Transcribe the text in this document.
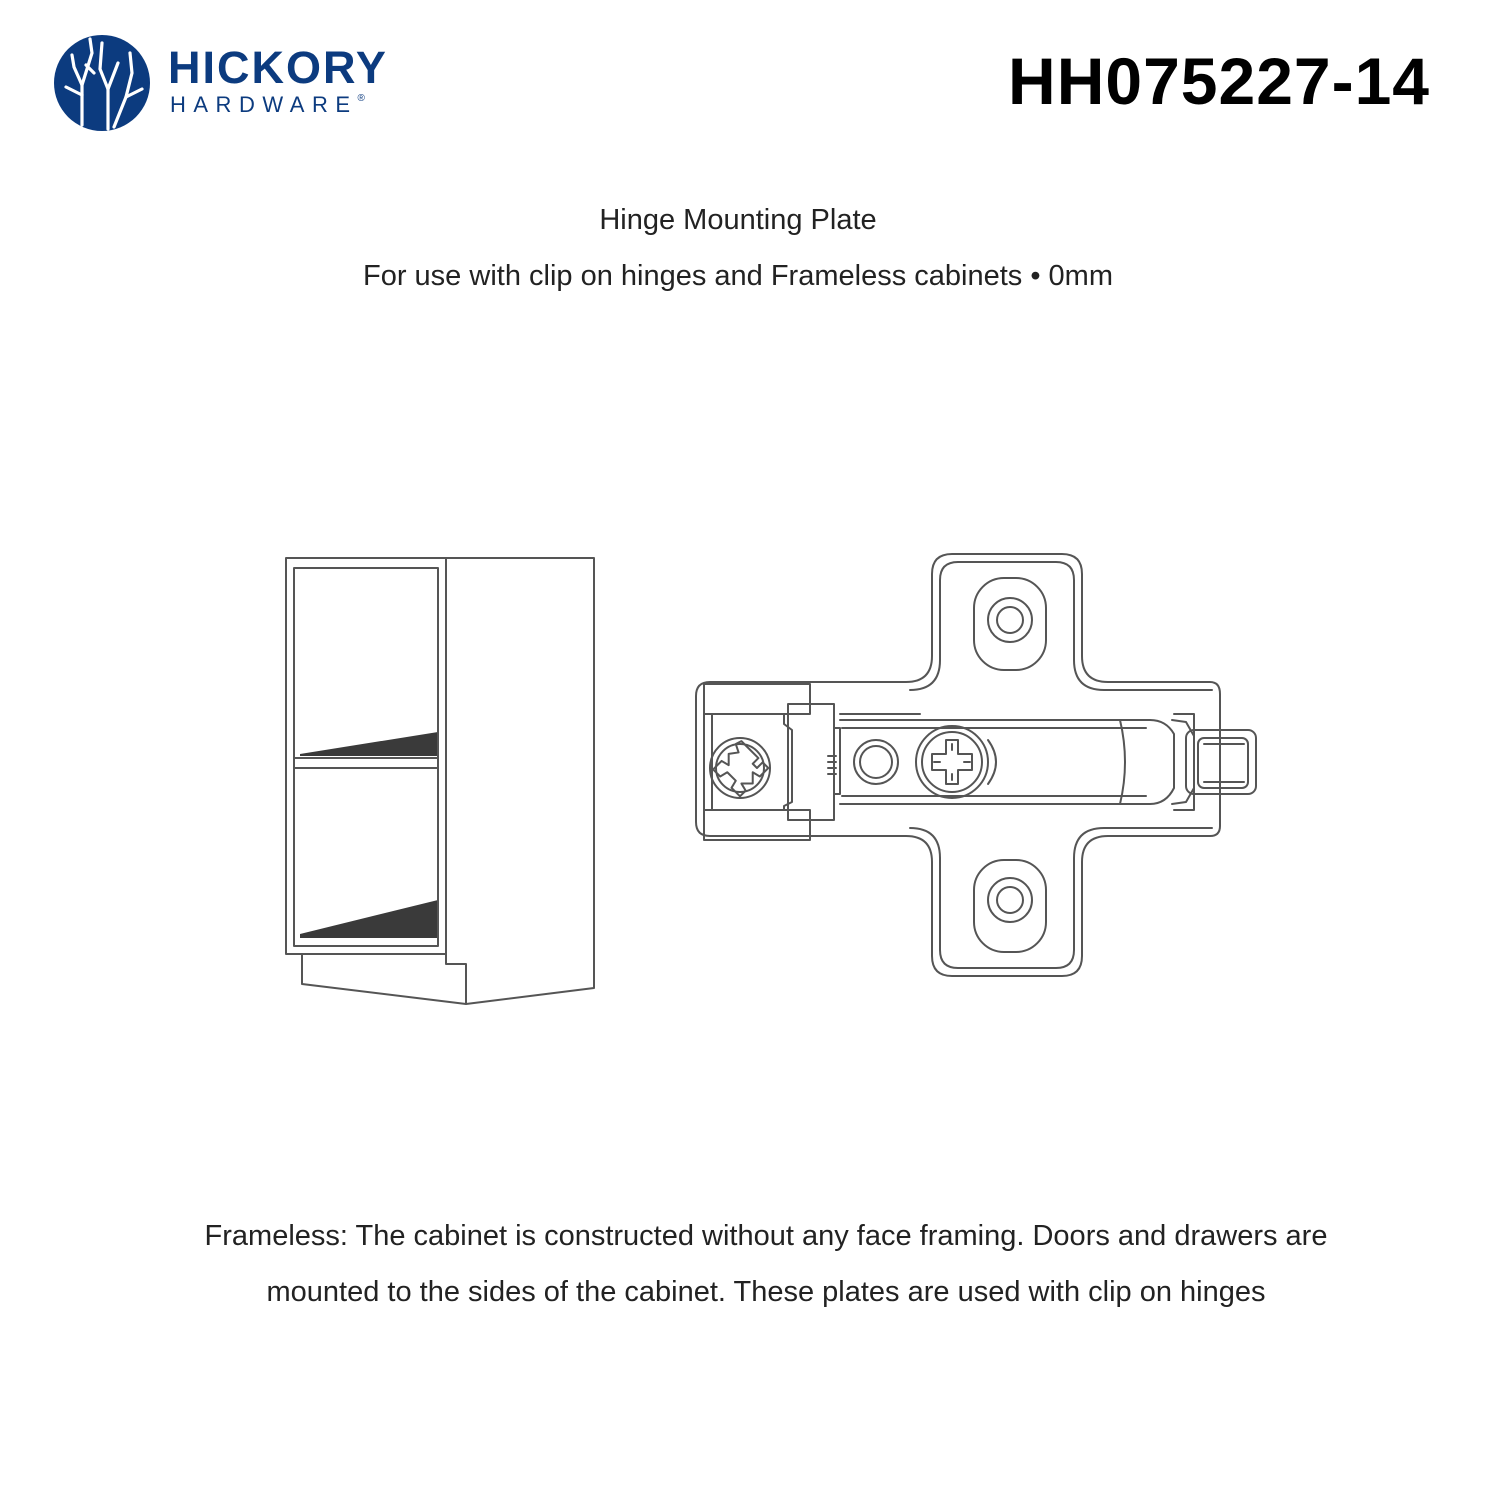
HICKORY
HARDWARE®	HH075227-14
Hinge Mounting Plate
For use with clip on hinges and Frameless cabinets • 0mm
Frameless: The cabinet is constructed without any face framing. Doors and drawers are mounted to the sides of the cabinet. These plates are used with clip on hinges
